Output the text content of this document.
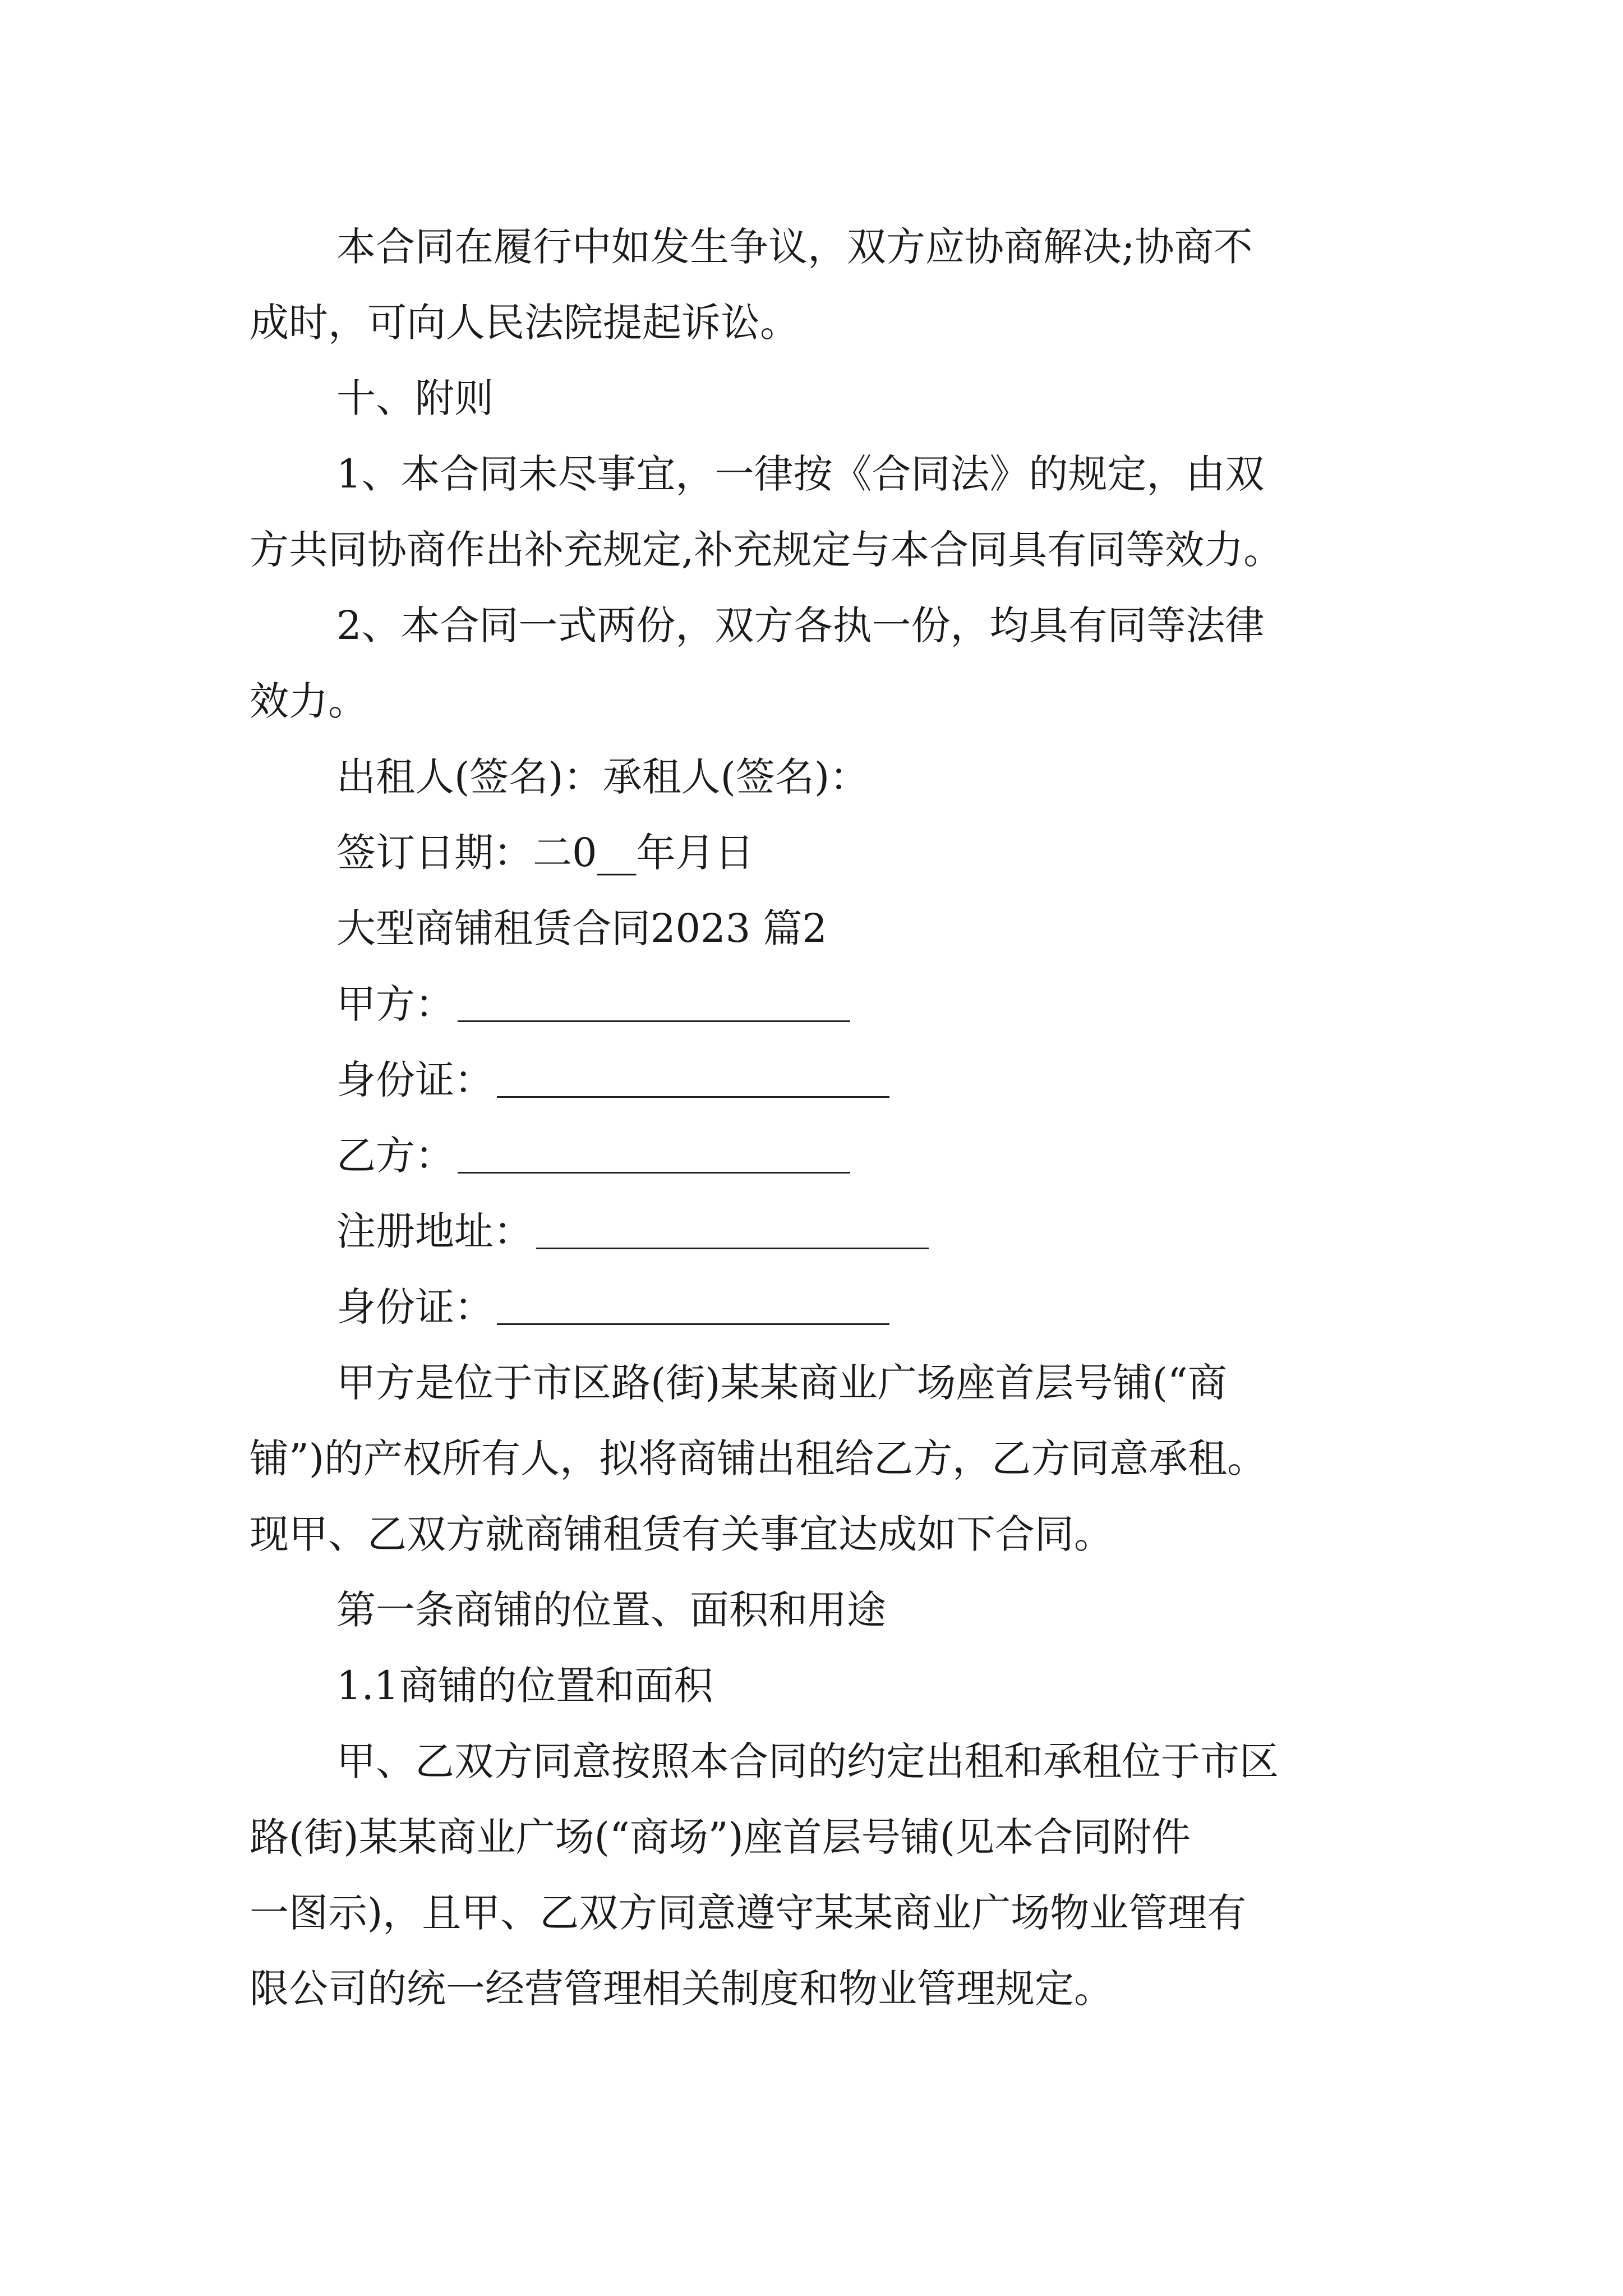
本合同在履行中如发生争议，双方应协商解决;协商不

成时，可向人民法院提起诉讼。

十、附则

1、本合同未尽事宜，一律按《合同法》的规定，由双

方共同协商作出补充规定,补充规定与本合同具有同等效力。

2、本合同一式两份，双方各执一份，均具有同等法律

效力。

出租人(签名)：承租人(签名)：

签订日期：二0__年月日

大型商铺租赁合同2023 篇2

甲方：
身份证：
乙方：
注册地址：
身份证：

甲方是位于市区路(街)某某商业广场座首层号铺(“商

铺”)的产权所有人，拟将商铺出租给乙方，乙方同意承租。

现甲、乙双方就商铺租赁有关事宜达成如下合同。

第一条商铺的位置、面积和用途

1.1商铺的位置和面积

甲、乙双方同意按照本合同的约定出租和承租位于市区

路(街)某某商业广场(“商场”)座首层号铺(见本合同附件

一图示)，且甲、乙双方同意遵守某某商业广场物业管理有

限公司的统一经营管理相关制度和物业管理规定。
